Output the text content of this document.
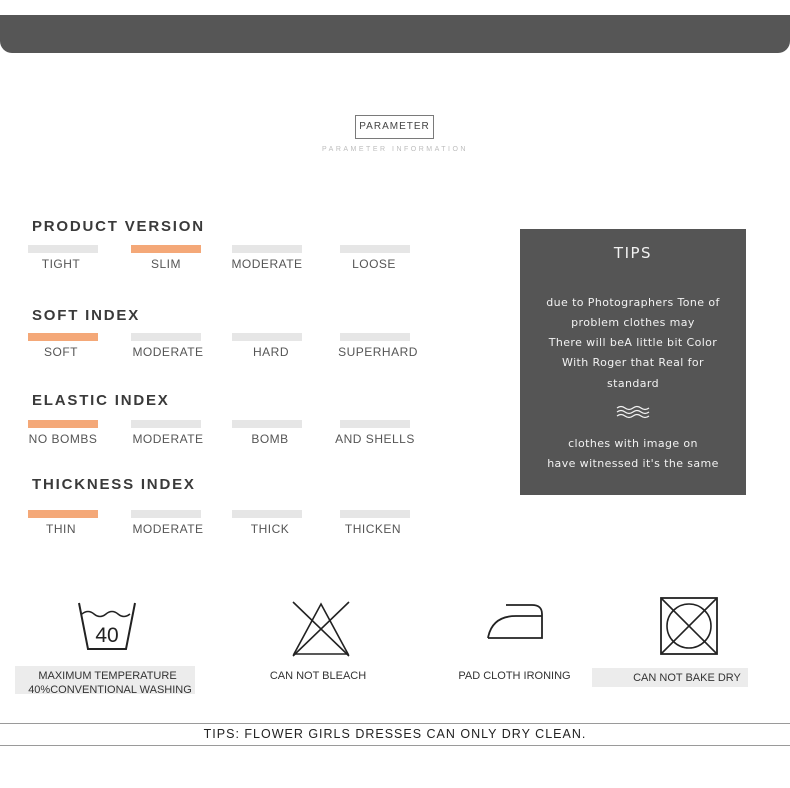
PARAMETER
PARAMETER INFORMATION
PRODUCT VERSION
TIGHT	SLIM	MODERATE	LOOSE
SOFT INDEX
SOFT	MODERATE	HARD	SUPERHARD
ELASTIC INDEX
NO BOMBS	MODERATE	BOMB	AND SHELLS
THICKNESS INDEX
THIN	MODERATE	THICK	THICKEN
TIPS
due to Photographers Tone of
problem clothes may
There will beA little bit Color
With Roger that Real for
standard
clothes with image on
have witnessed it's the same
40
MAXIMUM TEMPERATURE
40%CONVENTIONAL WASHING
CAN NOT BLEACH	PAD CLOTH IRONING	CAN NOT BAKE DRY
TIPS: FLOWER GIRLS DRESSES CAN ONLY DRY CLEAN.
